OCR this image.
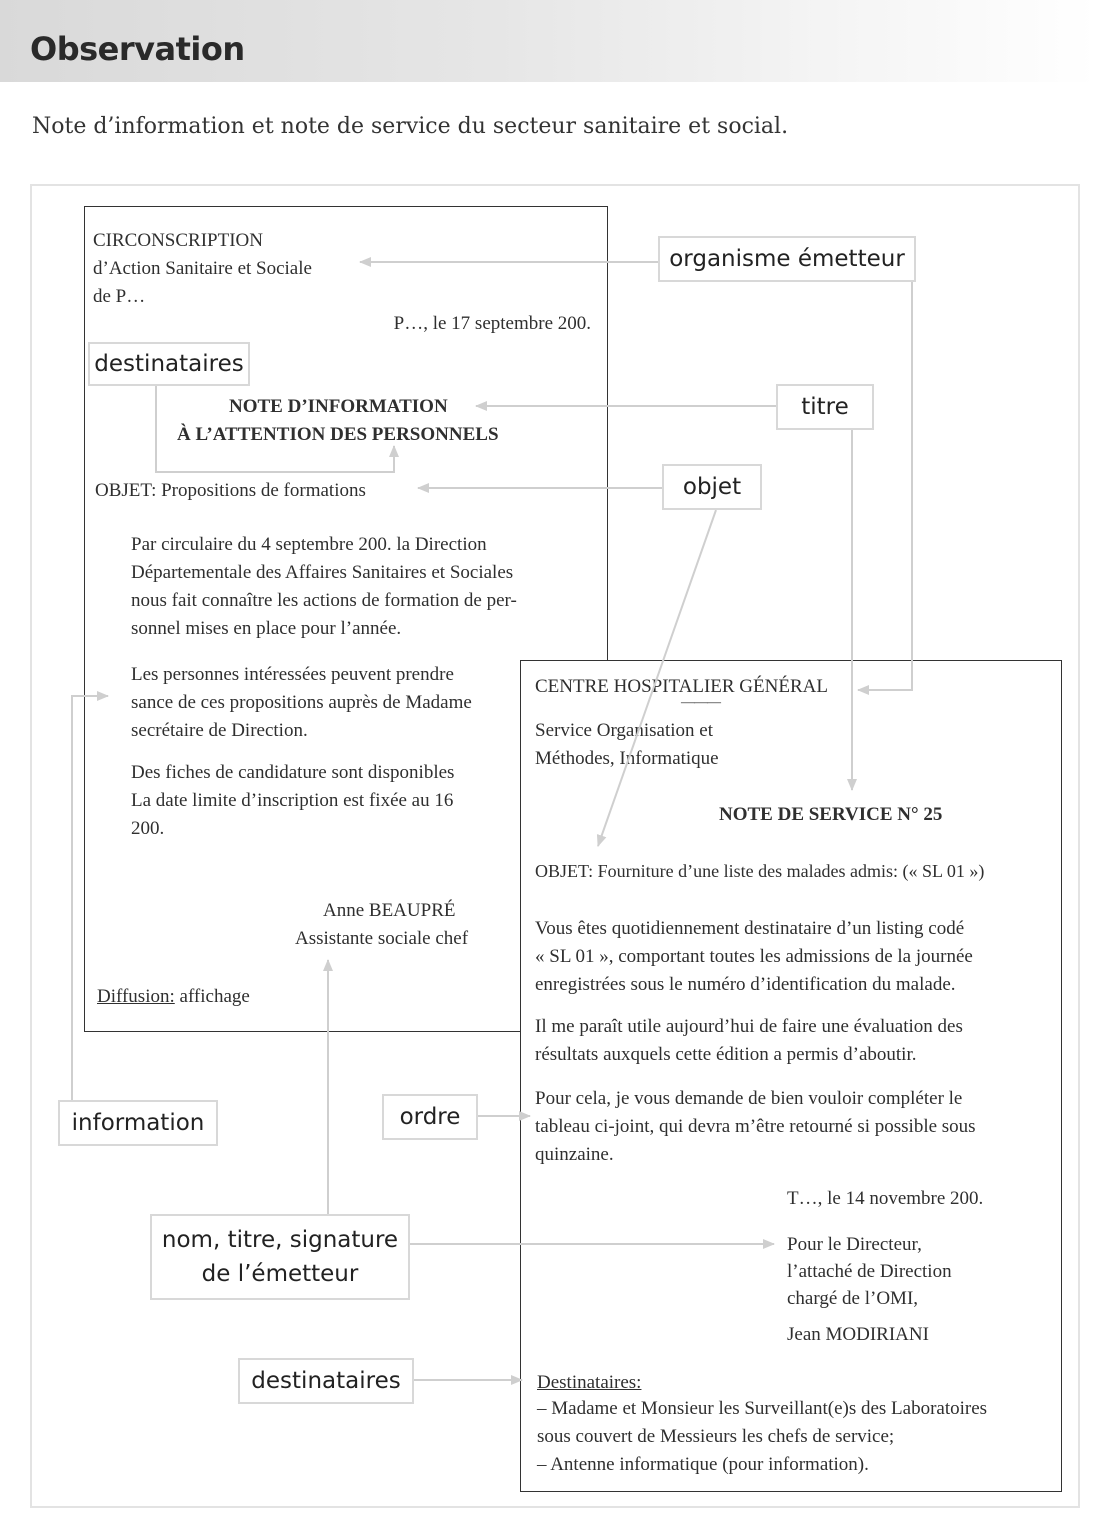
Observation

Note d’information et note de service du secteur sanitaire et social.

CIRCONSCRIPTION
d’Action Sanitaire et Sociale
de P…
P…, le 17 septembre 200.
NOTE D’INFORMATION
À L’ATTENTION DES PERSONNELS
OBJET: Propositions de formations
Par circulaire du 4 septembre 200. la Direction
Départementale des Affaires Sanitaires et Sociales
nous fait connaître les actions de formation de per-
sonnel mises en place pour l’année.
Les personnes intéressées peuvent prendre
sance de ces propositions auprès de Madame
secrétaire de Direction.
Des fiches de candidature sont disponibles
La date limite d’inscription est fixée au 16
200.
Anne BEAUPRÉ
Assistante sociale chef
Diffusion: affichage
CENTRE HOSPITALIER GÉNÉRAL
———
Service Organisation et
Méthodes, Informatique
NOTE DE SERVICE N° 25
OBJET: Fourniture d’une liste des malades admis: (« SL 01 »)
Vous êtes quotidiennement destinataire d’un listing codé
« SL 01 », comportant toutes les admissions de la journée
enregistrées sous le numéro d’identification du malade.
Il me paraît utile aujourd’hui de faire une évaluation des
résultats auxquels cette édition a permis d’aboutir.
Pour cela, je vous demande de bien vouloir compléter le
tableau ci-joint, qui devra m’être retourné si possible sous
quinzaine.
T…, le 14 novembre 200.
Pour le Directeur,
l’attaché de Direction
chargé de l’OMI,
Jean MODIRIANI
Destinataires:
– Madame et Monsieur les Surveillant(e)s des Laboratoires
sous couvert de Messieurs les chefs de service;
– Antenne informatique (pour information).
organisme émetteur
titre
objet
destinataires
information	ordre
nom, titre, signature
de l’émetteur
destinataires
